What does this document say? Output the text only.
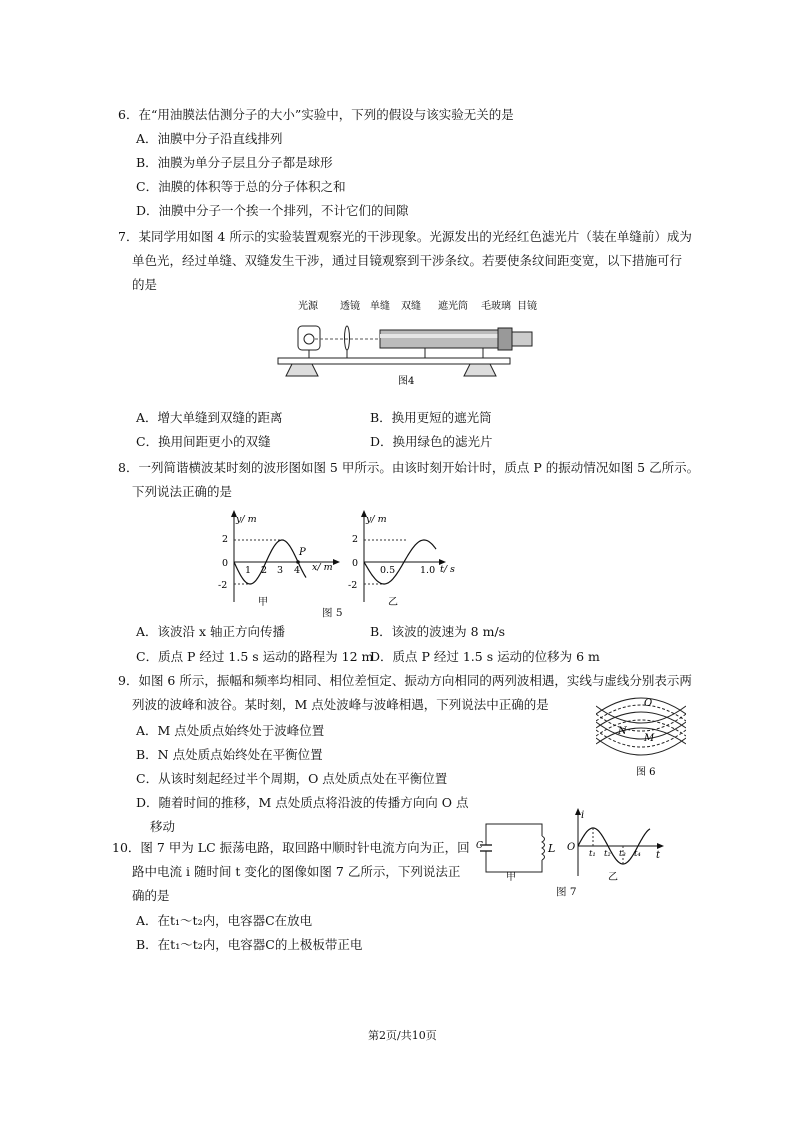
6．在“用油膜法估测分子的大小”实验中，下列的假设与该实验无关的是
A．油膜中分子沿直线排列
B．油膜为单分子层且分子都是球形
C．油膜的体积等于总的分子体积之和
D．油膜中分子一个挨一个排列，不计它们的间隙
7．某同学用如图 4 所示的实验装置观察光的干涉现象。光源发出的光经红色滤光片（装在单缝前）成为
单色光，经过单缝、双缝发生干涉，通过目镜观察到干涉条纹。若要使条纹间距变宽，以下措施可行
的是
光源 透镜 单缝 双缝 遮光筒 毛玻璃 目镜
图4
A．增大单缝到双缝的距离	B．换用更短的遮光筒
C．换用间距更小的双缝	D．换用绿色的滤光片
8．一列简谐横波某时刻的波形图如图 5 甲所示。由该时刻开始计时，质点 P 的振动情况如图 5 乙所示。
下列说法正确的是
y/ m
x/ m
2
0
-2
1 2 3 4
P
甲
y/ m
t/ s
2
0
-2
0.5	1.0
乙
图 5
A．该波沿 x 轴正方向传播	B．该波的波速为 8 m/s
C．质点 P 经过 1.5 s 运动的路程为 12 m
D．质点 P 经过 1.5 s 运动的位移为 6 m
9．如图 6 所示，振幅和频率均相同、相位差恒定、振动方向相同的两列波相遇，实线与虚线分别表示两
列波的波峰和波谷。某时刻，M 点处波峰与波峰相遇，下列说法中正确的是	O
N
M
图 6
A．M 点处质点始终处于波峰位置
B．N 点处质点始终处在平衡位置
C．从该时刻起经过半个周期，O 点处质点处在平衡位置
D．随着时间的推移，M 点处质点将沿波的传播方向向 O 点
移动
10．图 7 甲为 LC 振荡电路，取回路中顺时针电流方向为正，回
路中电流 i 随时间 t 变化的图像如图 7 乙所示，下列说法正
确的是
C	L
甲
i
t
O
t₁ t₂ t₃ t₄
乙
图 7
A．在t₁～t₂内，电容器C在放电
B．在t₁～t₂内，电容器C的上极板带正电
第2页/共10页
